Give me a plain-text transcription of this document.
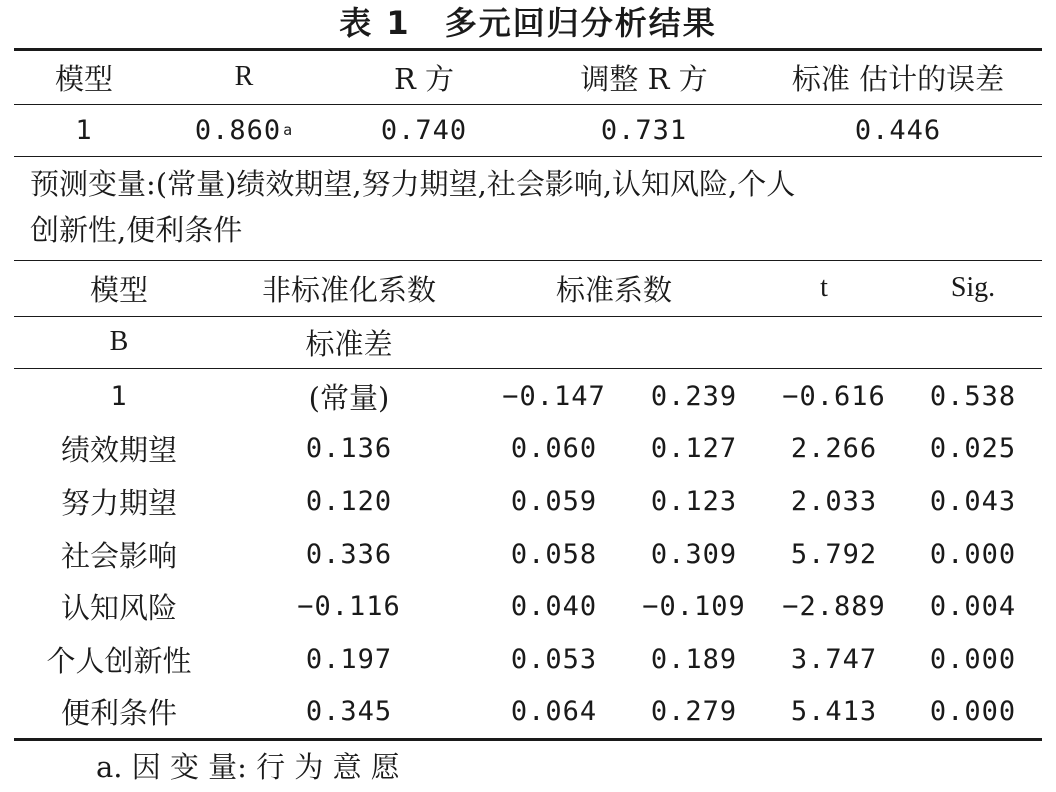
表 1　多元回归分析结果
模型	R	R 方	调整 R 方	标准 估计的误差
1	0.860 a	0.740	0.731	0.446
预测变量:(常量)绩效期望,努力期望,社会影响,认知风险,个人
创新性,便利条件
模型	非标准化系数	标准系数	t	Sig.
B	标准差
1	(常量)	−0.147	0.239	−0.616	0.538
绩效期望	0.136	0.060	0.127	2.266	0.025
努力期望	0.120	0.059	0.123	2.033	0.043
社会影响	0.336	0.058	0.309	5.792	0.000
认知风险	−0.116	0.040	−0.109	−2.889	0.004
个人创新性	0.197	0.053	0.189	3.747	0.000
便利条件	0.345	0.064	0.279	5.413	0.000
a. 因 变 量: 行 为 意 愿
